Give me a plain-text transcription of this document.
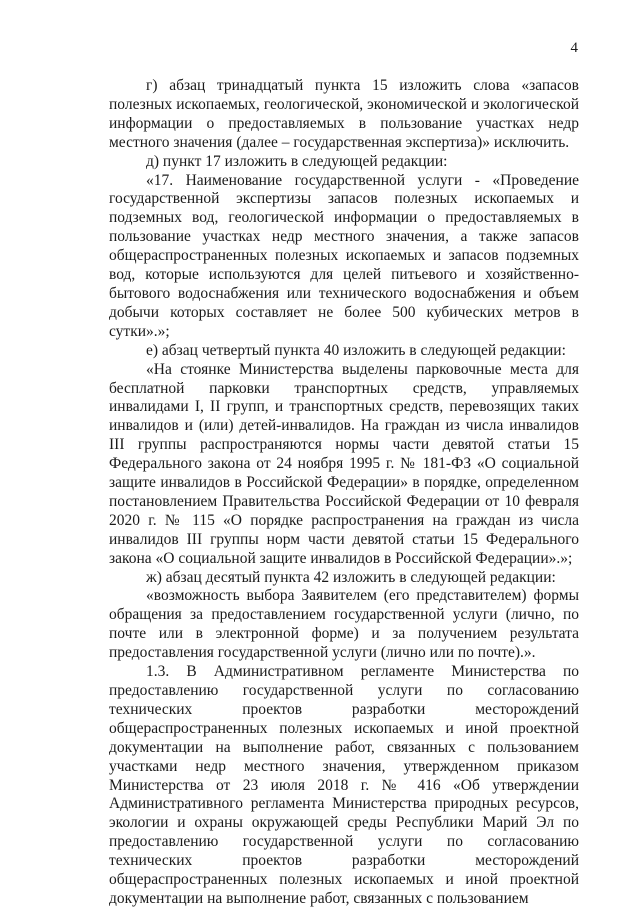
4

г) абзац тринадцатый пункта 15 изложить слова «запасов полезных ископаемых, геологической, экономической и экологической информации о предоставляемых в пользование участках недр местного значения (далее – государственная экспертиза)» исключить.

д) пункт 17 изложить в следующей редакции:

«17. Наименование государственной услуги - «Проведение государственной экспертизы запасов полезных ископаемых и подземных вод, геологической информации о предоставляемых в пользование участках недр местного значения, а также запасов общераспространенных полезных ископаемых и запасов подземных вод, которые используются для целей питьевого и хозяйственно-бытового водоснабжения или технического водоснабжения и объем добычи которых составляет не более 500 кубических метров в сутки».»;

е) абзац четвертый пункта 40 изложить в следующей редакции:

«На стоянке Министерства выделены парковочные места для бесплатной парковки транспортных средств, управляемых инвалидами I, II групп, и транспортных средств, перевозящих таких инвалидов и (или) детей-инвалидов. На граждан из числа инвалидов III группы распространяются нормы части девятой статьи 15 Федерального закона от 24 ноября 1995 г. № 181-ФЗ «О социальной защите инвалидов в Российской Федерации» в порядке, определенном постановлением Правительства Российской Федерации от 10 февраля 2020 г. № 115 «О порядке распространения на граждан из числа инвалидов III группы норм части девятой статьи 15 Федерального закона «О социальной защите инвалидов в Российской Федерации».»;

ж) абзац десятый пункта 42 изложить в следующей редакции:

«возможность выбора Заявителем (его представителем) формы обращения за предоставлением государственной услуги (лично, по почте или в электронной форме) и за получением результата предоставления государственной услуги (лично или по почте).».

1.3. В Административном регламенте Министерства по предоставлению государственной услуги по согласованию технических проектов разработки месторождений общераспространенных полезных ископаемых и иной проектной документации на выполнение работ, связанных с пользованием участками недр местного значения, утвержденном приказом Министерства от 23 июля 2018 г. № 416 «Об утверждении Административного регламента Министерства природных ресурсов, экологии и охраны окружающей среды Республики Марий Эл по предоставлению государственной услуги по согласованию технических проектов разработки месторождений общераспространенных полезных ископаемых и иной проектной документации на выполнение работ, связанных с пользованием
